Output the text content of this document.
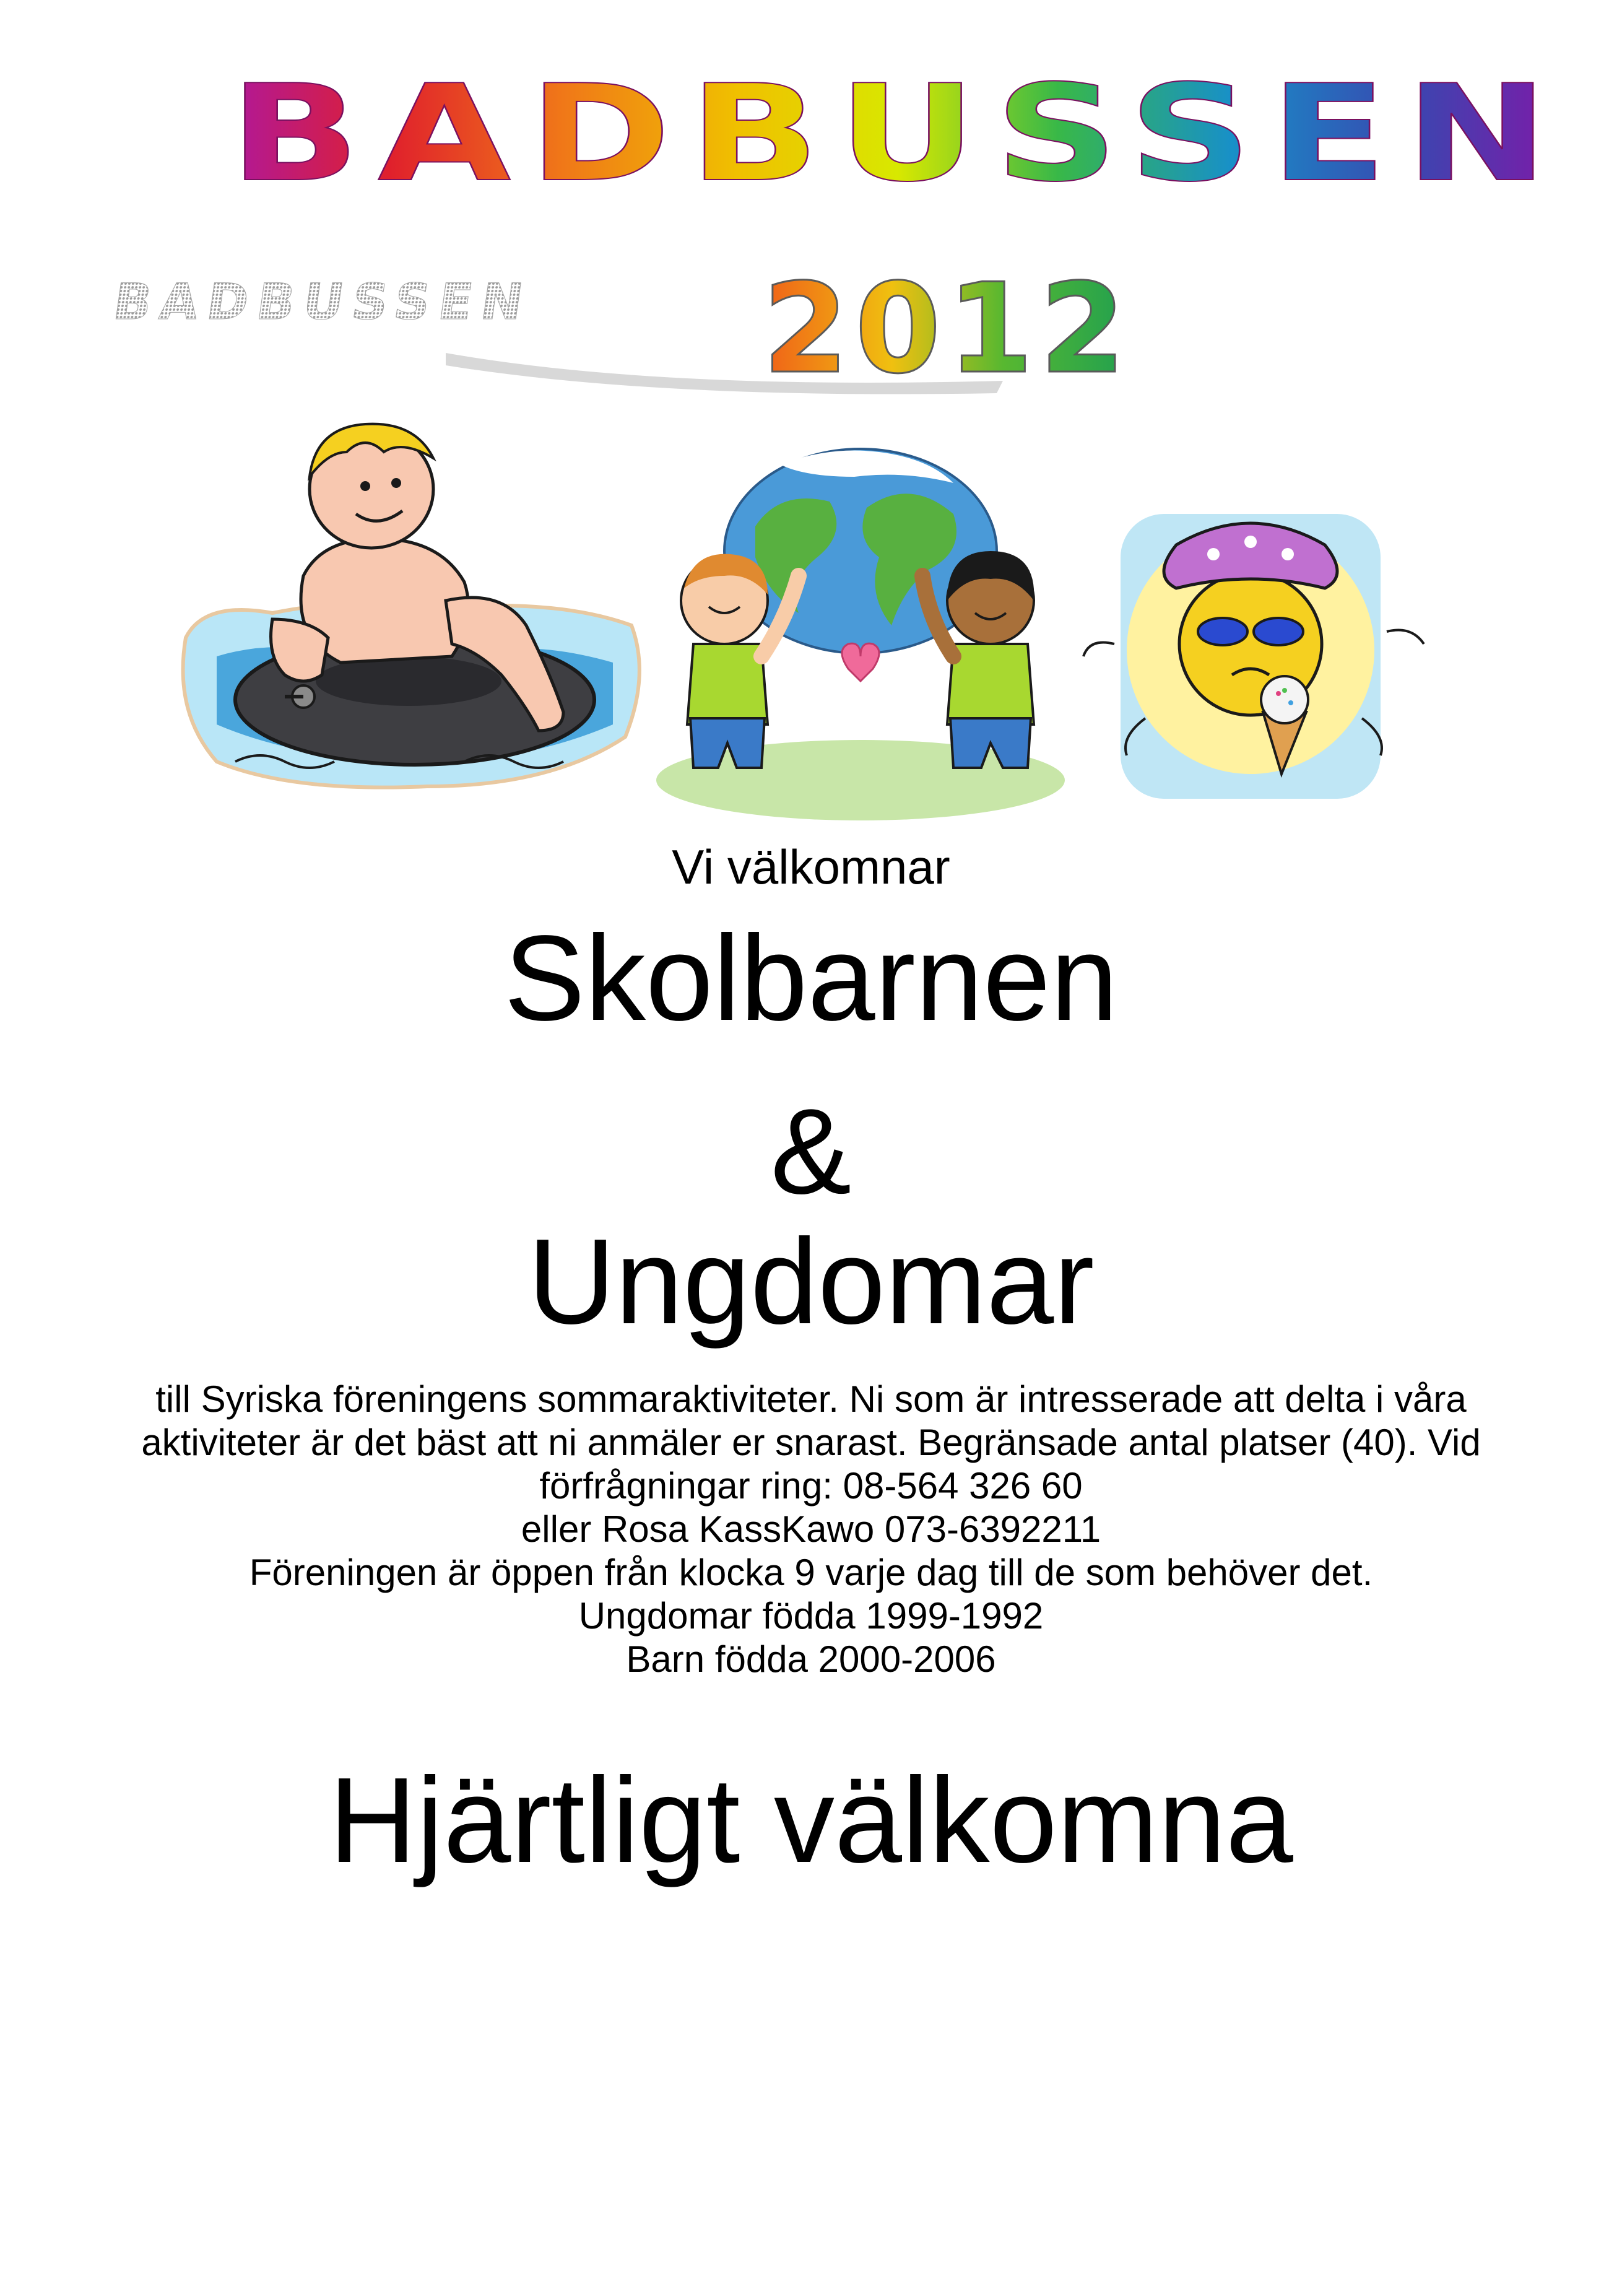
BADBUSSEN
BADBUSSEN 2012
Vi välkomnar
Skolbarnen
&
Ungdomar
till Syriska föreningens sommaraktiviteter. Ni som är intresserade att delta i våra
aktiviteter är det bäst att ni anmäler er snarast. Begränsade antal platser (40). Vid
förfrågningar ring: 08-564 326 60
eller Rosa KassKawo 073-6392211
Föreningen är öppen från klocka 9 varje dag till de som behöver det.
Ungdomar födda 1999-1992
Barn födda 2000-2006
Hjärtligt välkomna
